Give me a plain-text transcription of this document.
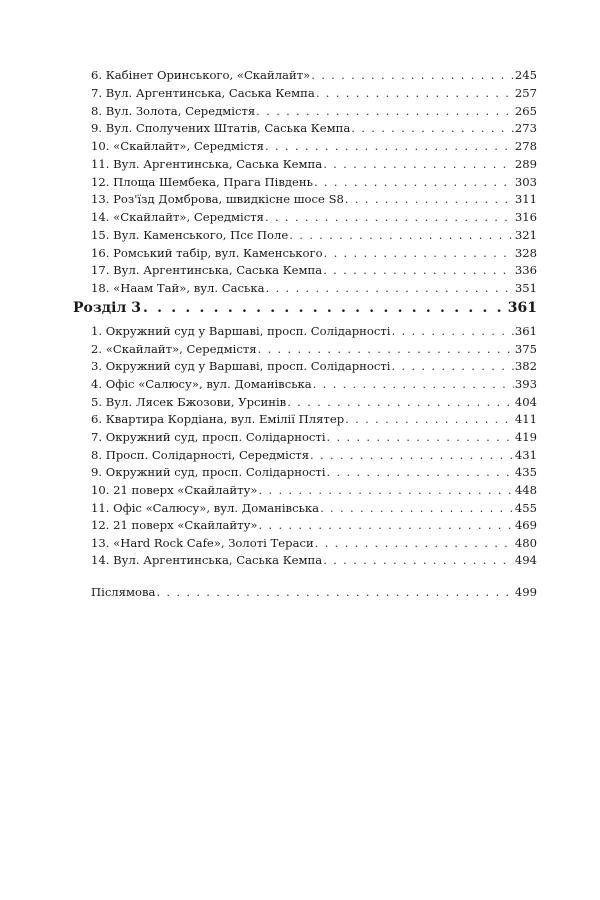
6. Кабінет Оринського, «Скайлайт» . . .	245
7. Вул. Аргентинська, Саська Кемпа . . .	257
8. Вул. Золота, Середмістя . . .	265
9. Вул. Сполучених Штатів, Саська Кемпа . . .	273
10. «Скайлайт», Середмістя . . .	278
11. Вул. Аргентинська, Саська Кемпа . . .	289
12. Площа Шембека, Прага Південь . . .	303
13. Роз'їзд Домброва, швидкісне шосе S8 . . .	311
14. «Скайлайт», Середмістя . . .	316
15. Вул. Каменського, Псє Поле . . .	321
16. Ромський табір, вул. Каменського . . .	328
17. Вул. Аргентинська, Саська Кемпа . . .	336
18. «Наам Тай», вул. Саська . . .	351
Розділ 3 . . .	361
1. Окружний суд у Варшаві, просп. Солідарності . . .	361
2. «Скайлайт», Середмістя . . .	375
3. Окружний суд у Варшаві, просп. Солідарності . . .	382
4. Офіс «Салюсу», вул. Доманівська . . .	393
5. Вул. Лясек Бжозови, Урсинів . . .	404
6. Квартира Кордіана, вул. Емілії Плятер . . .	411
7. Окружний суд, просп. Солідарності . . .	419
8. Просп. Солідарності, Середмістя . . .	431
9. Окружний суд, просп. Солідарності . . .	435
10. 21 поверх «Скайлайту» . . .	448
11. Офіс «Салюсу», вул. Доманівська . . .	455
12. 21 поверх «Скайлайту» . . .	469
13. «Hard Rock Cafe», Золоті Тераси . . .	480
14. Вул. Аргентинська, Саська Кемпа . . .	494
Післямова . . .	499
